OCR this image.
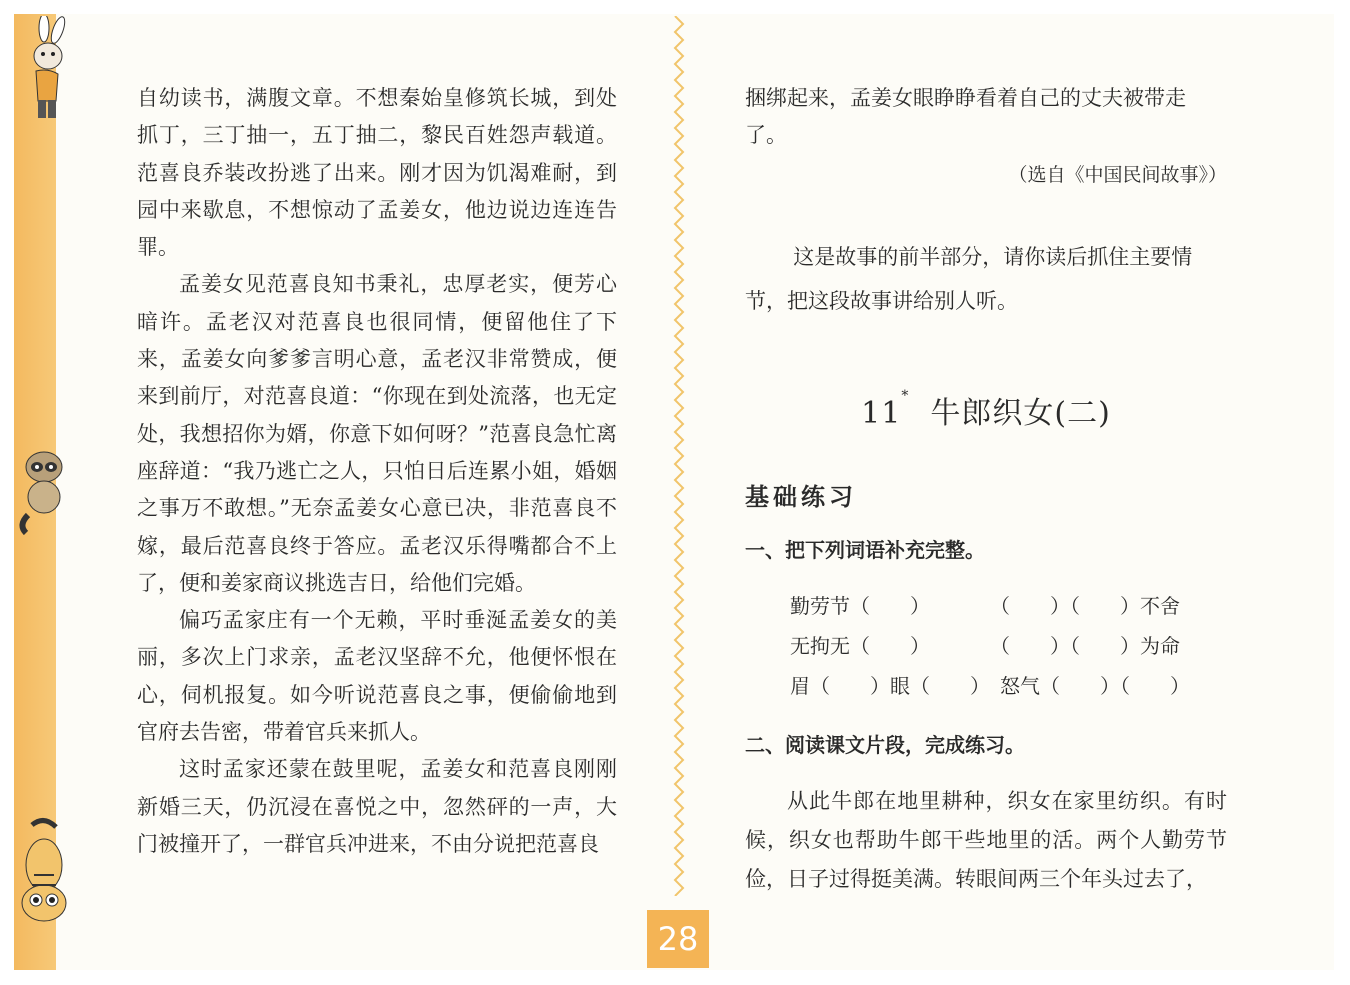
自幼读书，满腹文章。不想秦始皇修筑长城，到处抓丁，三丁抽一，五丁抽二，黎民百姓怨声载道。范喜良乔装改扮逃了出来。刚才因为饥渴难耐，到园中来歇息，不想惊动了孟姜女，他边说边连连告罪。

孟姜女见范喜良知书秉礼，忠厚老实，便芳心暗许。孟老汉对范喜良也很同情，便留他住了下来，孟姜女向爹爹言明心意，孟老汉非常赞成，便来到前厅，对范喜良道：“你现在到处流落，也无定处，我想招你为婿，你意下如何呀？”范喜良急忙离座辞道：“我乃逃亡之人，只怕日后连累小姐，婚姻之事万不敢想。”无奈孟姜女心意已决，非范喜良不嫁，最后范喜良终于答应。孟老汉乐得嘴都合不上了，便和姜家商议挑选吉日，给他们完婚。

偏巧孟家庄有一个无赖，平时垂涎孟姜女的美丽，多次上门求亲，孟老汉坚辞不允，他便怀恨在心，伺机报复。如今听说范喜良之事，便偷偷地到官府去告密，带着官兵来抓人。

这时孟家还蒙在鼓里呢，孟姜女和范喜良刚刚新婚三天，仍沉浸在喜悦之中，忽然砰的一声，大门被撞开了，一群官兵冲进来，不由分说把范喜良

捆绑起来，孟姜女眼睁睁看着自己的丈夫被带走了。

（选自《中国民间故事》）

这是故事的前半部分，请你读后抓住主要情节，把这段故事讲给别人听。

11* 牛郎织女(二)
基础练习
一、把下列词语补充完整。
勤劳节（　　）	（　　）（　　）不舍
无拘无（　　）	（　　）（　　）为命
眉（　　）眼（　　） 怒气（　　）（　　）
二、阅读课文片段，完成练习。

从此牛郎在地里耕种，织女在家里纺织。有时候，织女也帮助牛郎干些地里的活。两个人勤劳节俭，日子过得挺美满。转眼间两三个年头过去了，

28
